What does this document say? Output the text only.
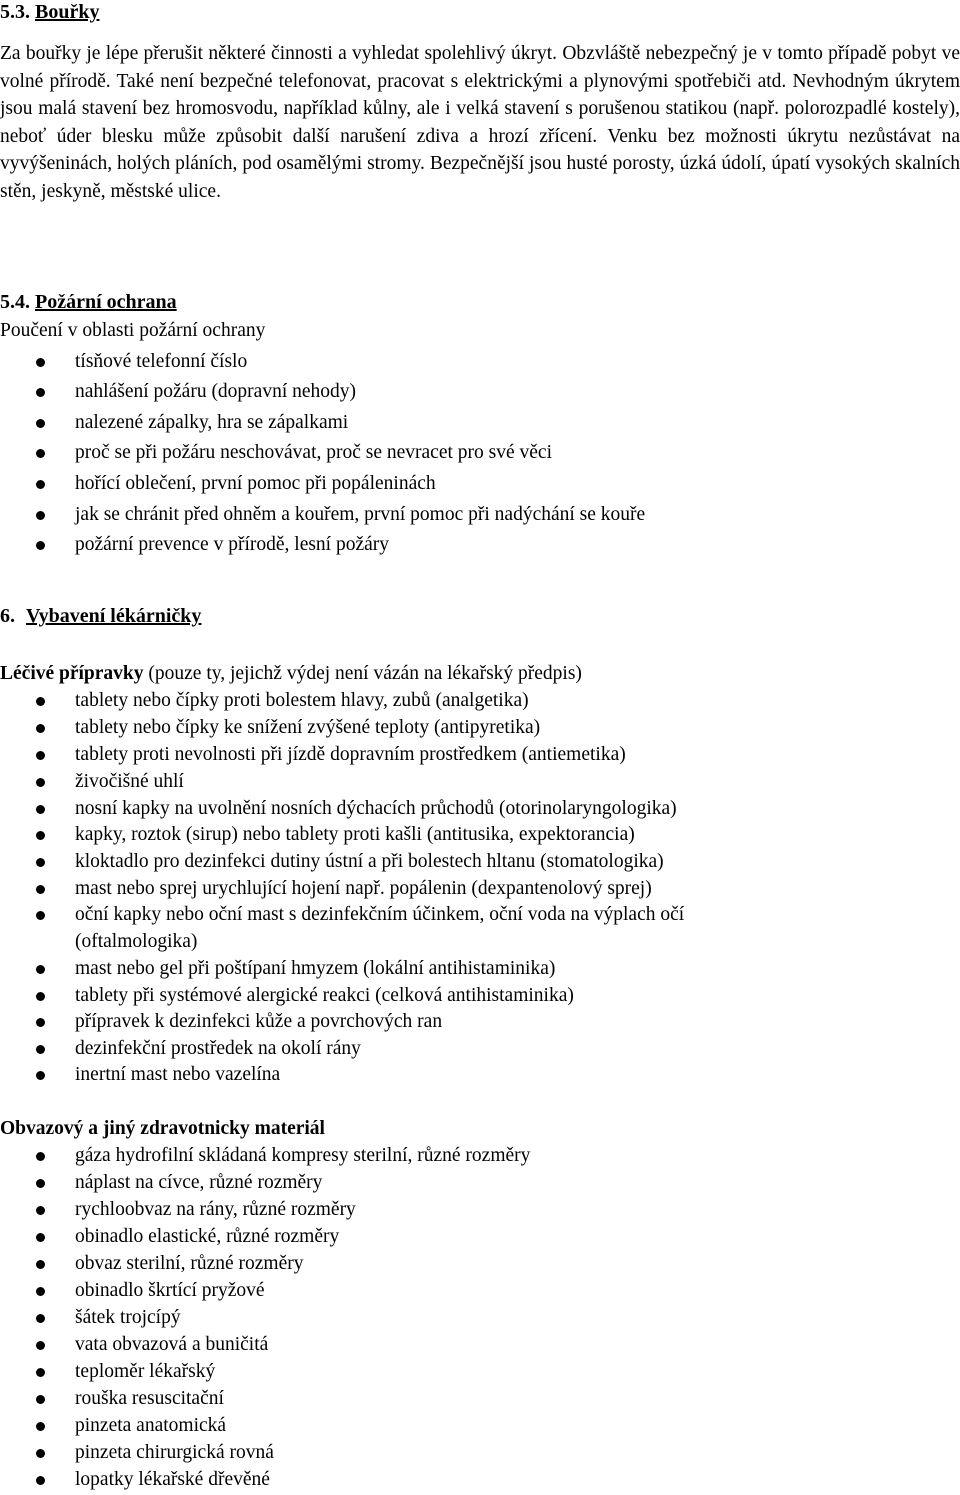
5.3. Bouřky
Za bouřky je lépe přerušit některé činnosti a vyhledat spolehlivý úkryt. Obzvláště nebezpečný je v tomto případě pobyt ve volné přírodě. Také není bezpečné telefonovat, pracovat s elektrickými a plynovými spotřebiči atd. Nevhodným úkrytem jsou malá stavení bez hromosvodu, například kůlny, ale i velká stavení s porušenou statikou (např. polorozpadlé kostely), neboť úder blesku může způsobit další narušení zdiva a hrozí zřícení. Venku bez možnosti úkrytu nezůstávat na vyvýšeninách, holých pláních, pod osamělými stromy. Bezpečnější jsou husté porosty, úzká údolí, úpatí vysokých skalních stěn, jeskyně, městské ulice.
5.4. Požární ochrana
Poučení v oblasti požární ochrany
tísňové telefonní číslo
nahlášení požáru (dopravní nehody)
nalezené zápalky, hra se zápalkami
proč se při požáru neschovávat, proč se nevracet pro své věci
hořící oblečení, první pomoc při popáleninách
jak se chránit před ohněm a kouřem, první pomoc při nadýchání se kouře
požární prevence v přírodě, lesní požáry
6. Vybavení lékárničky
Léčivé přípravky (pouze ty, jejichž výdej není vázán na lékařský předpis)
tablety nebo čípky proti bolestem hlavy, zubů (analgetika)
tablety nebo čípky ke snížení zvýšené teploty (antipyretika)
tablety proti nevolnosti při jízdě dopravním prostředkem (antiemetika)
živočišné uhlí
nosní kapky na uvolnění nosních dýchacích průchodů (otorinolaryngologika)
kapky, roztok (sirup) nebo tablety proti kašli (antitusika, expektorancia)
kloktadlo pro dezinfekci dutiny ústní a při bolestech hltanu (stomatologika)
mast nebo sprej urychlující hojení např. popálenin (dexpantenolový sprej)
oční kapky nebo oční mast s dezinfekčním účinkem, oční voda na výplach očí
(oftalmologika)
mast nebo gel při poštípaní hmyzem (lokální antihistaminika)
tablety při systémové alergické reakci (celková antihistaminika)
přípravek k dezinfekci kůže a povrchových ran
dezinfekční prostředek na okolí rány
inertní mast nebo vazelína
Obvazový a jiný zdravotnicky materiál
gáza hydrofilní skládaná kompresy sterilní, různé rozměry
náplast na cívce, různé rozměry
rychloobvaz na rány, různé rozměry
obinadlo elastické, různé rozměry
obvaz sterilní, různé rozměry
obinadlo škrtící pryžové
šátek trojcípý
vata obvazová a buničitá
teploměr lékařský
rouška resuscitační
pinzeta anatomická
pinzeta chirurgická rovná
lopatky lékařské dřevěné
